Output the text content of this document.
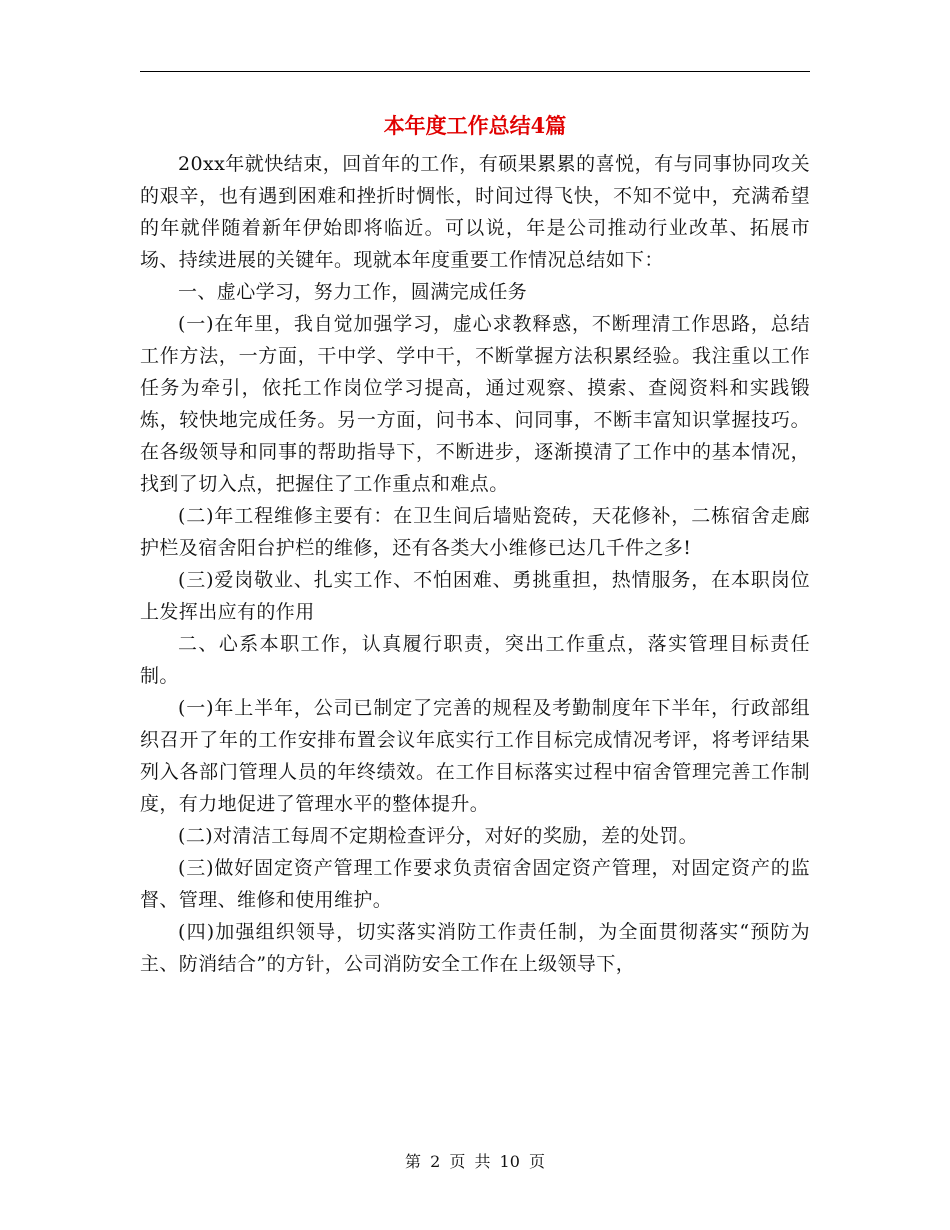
本年度工作总结4篇

20xx年就快结束，回首年的工作，有硕果累累的喜悦，有与同事协同攻关的艰辛，也有遇到困难和挫折时惆怅，时间过得飞快，不知不觉中，充满希望的年就伴随着新年伊始即将临近。可以说，年是公司推动行业改革、拓展市场、持续进展的关键年。现就本年度重要工作情况总结如下：

一、虚心学习，努力工作，圆满完成任务

(一)在年里，我自觉加强学习，虚心求教释惑，不断理清工作思路，总结工作方法，一方面，干中学、学中干，不断掌握方法积累经验。我注重以工作任务为牵引，依托工作岗位学习提高，通过观察、摸索、查阅资料和实践锻炼，较快地完成任务。另一方面，问书本、问同事，不断丰富知识掌握技巧。在各级领导和同事的帮助指导下，不断进步，逐渐摸清了工作中的基本情况，找到了切入点，把握住了工作重点和难点。

(二)年工程维修主要有：在卫生间后墙贴瓷砖，天花修补，二栋宿舍走廊护栏及宿舍阳台护栏的维修，还有各类大小维修已达几千件之多!

(三)爱岗敬业、扎实工作、不怕困难、勇挑重担，热情服务，在本职岗位上发挥出应有的作用

二、心系本职工作，认真履行职责，突出工作重点，落实管理目标责任制。

(一)年上半年，公司已制定了完善的规程及考勤制度年下半年，行政部组织召开了年的工作安排布置会议年底实行工作目标完成情况考评，将考评结果列入各部门管理人员的年终绩效。在工作目标落实过程中宿舍管理完善工作制度，有力地促进了管理水平的整体提升。

(二)对清洁工每周不定期检查评分，对好的奖励，差的处罚。

(三)做好固定资产管理工作要求负责宿舍固定资产管理，对固定资产的监督、管理、维修和使用维护。

(四)加强组织领导，切实落实消防工作责任制，为全面贯彻落实“预防为主、防消结合”的方针，公司消防安全工作在上级领导下，

第 2 页 共 10 页
